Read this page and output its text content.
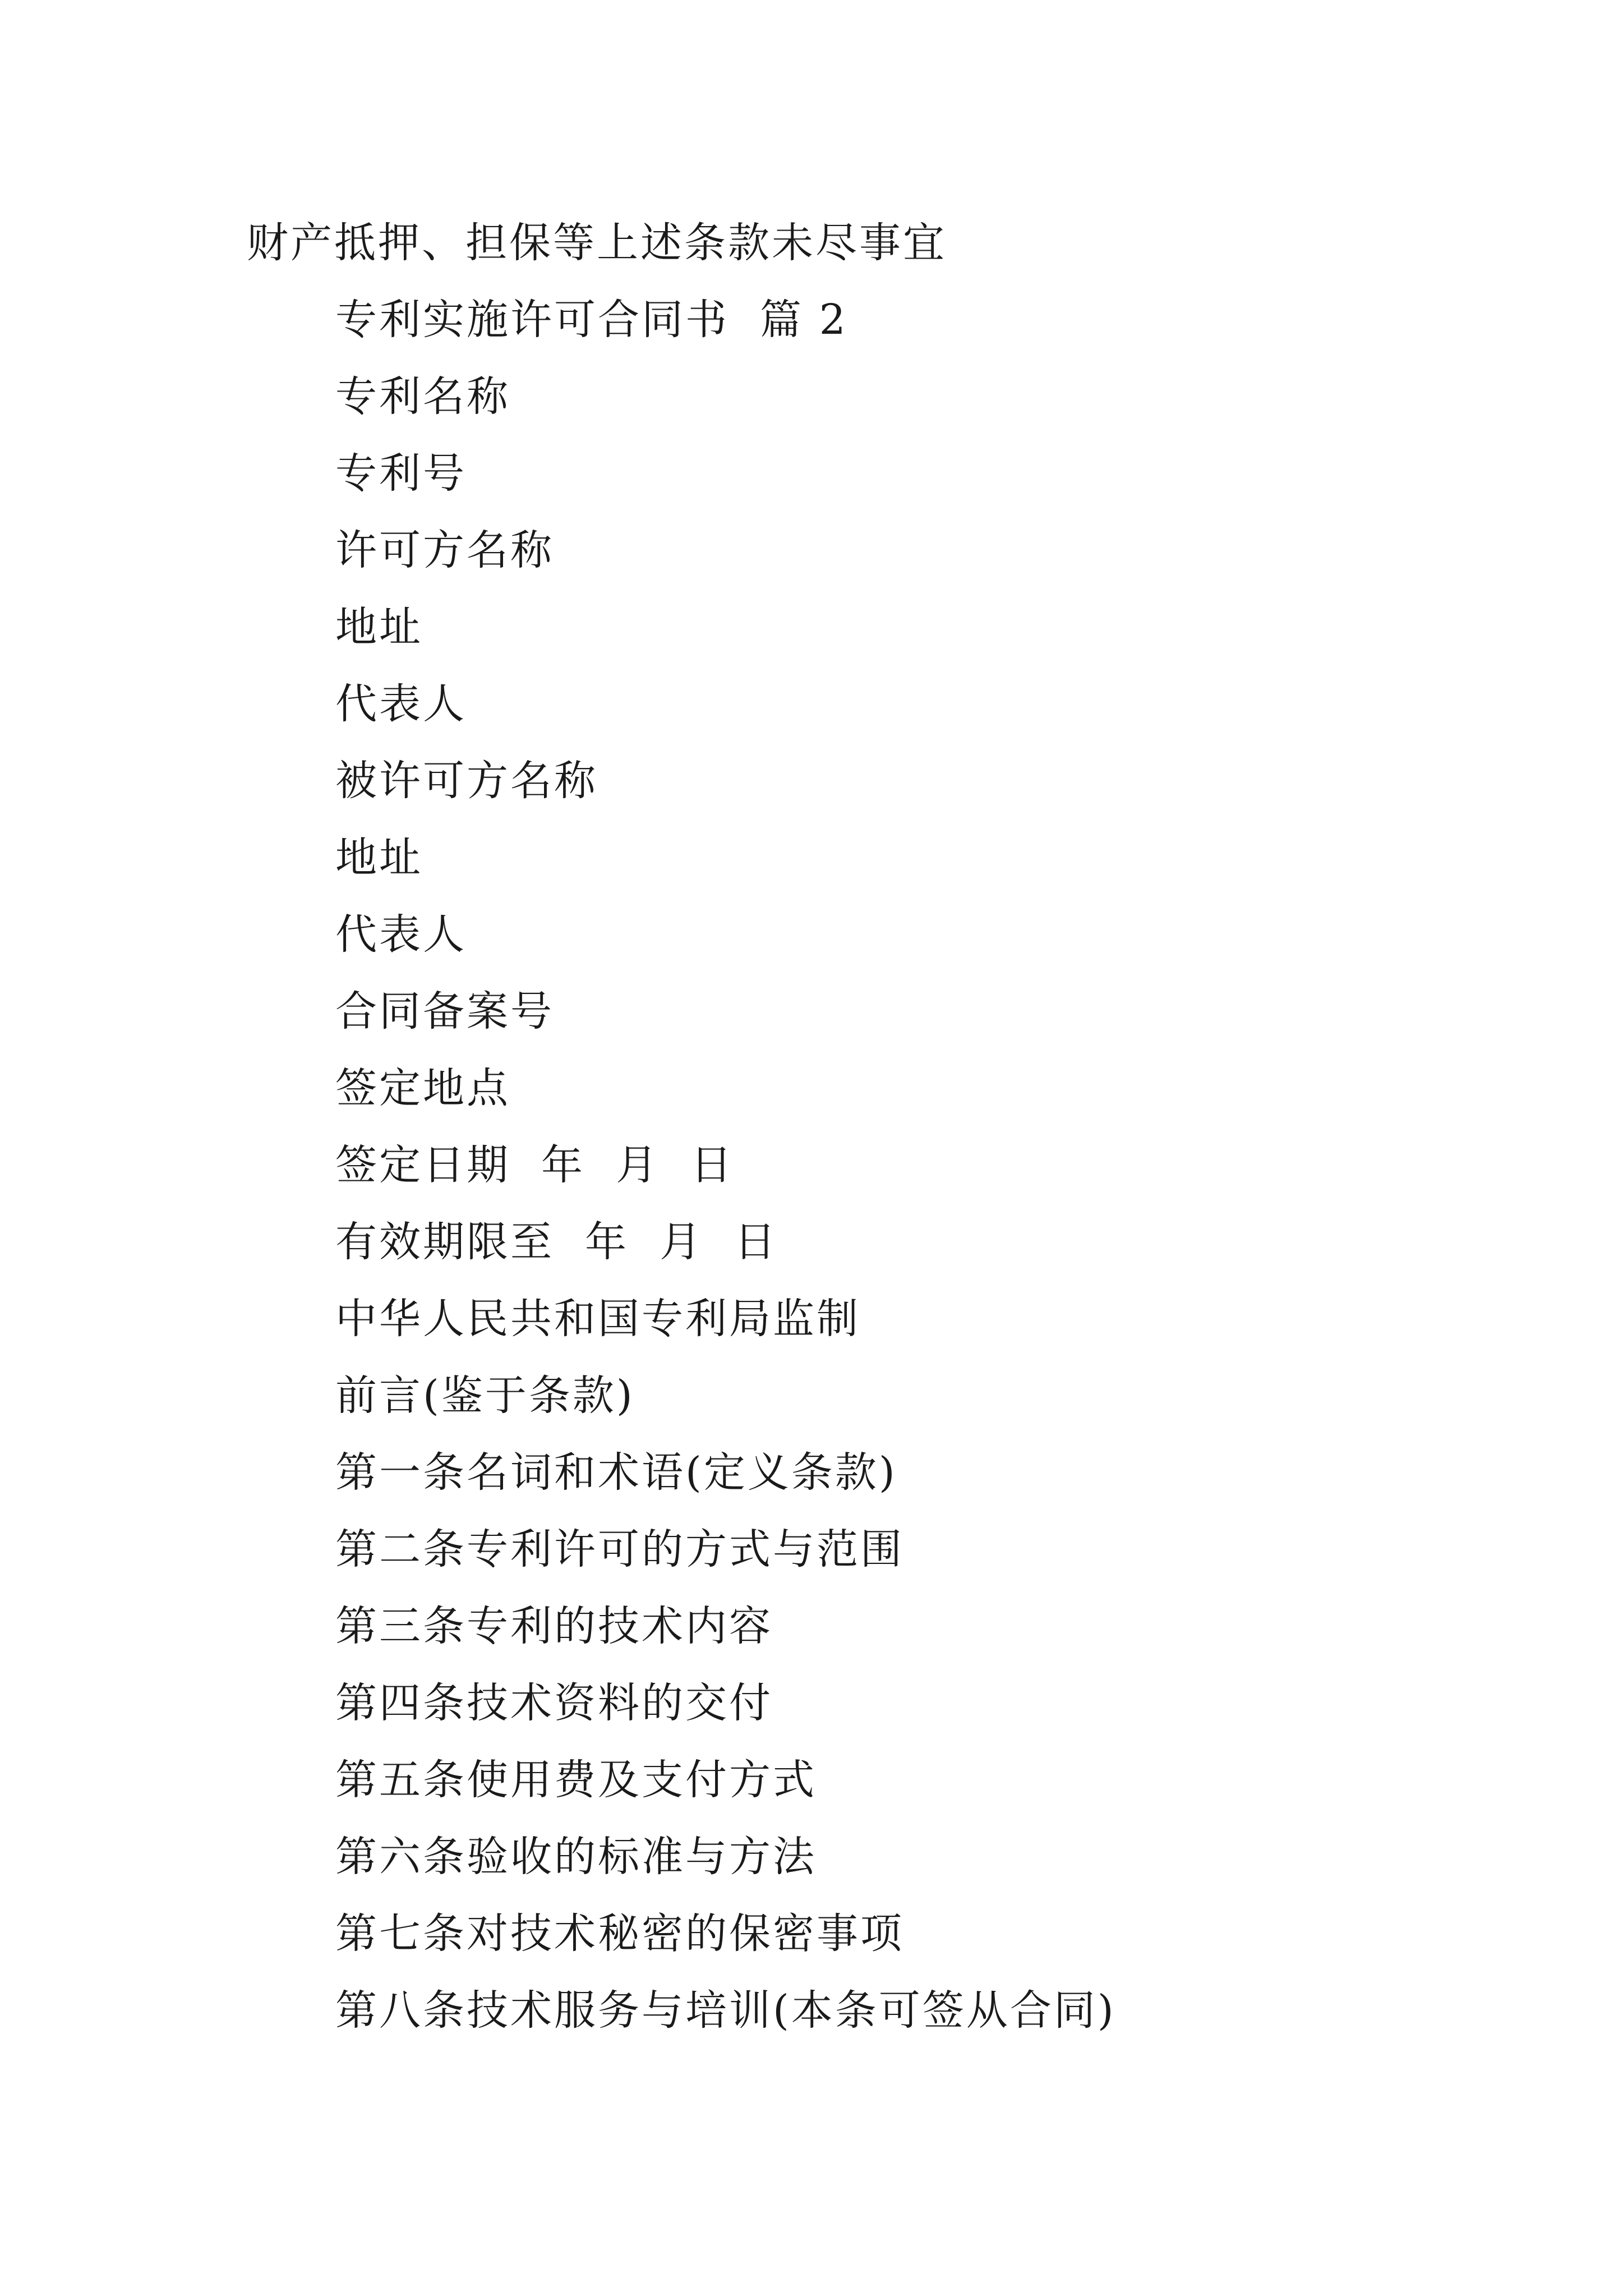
财产抵押、担保等上述条款未尽事宜
专利实施许可合同书  篇 2
专利名称
专利号
许可方名称
地址
代表人
被许可方名称
地址
代表人
合同备案号
签定地点
签定日期  年  月  日
有效期限至  年  月  日
中华人民共和国专利局监制
前言(鉴于条款)
第一条名词和术语(定义条款)
第二条专利许可的方式与范围
第三条专利的技术内容
第四条技术资料的交付
第五条使用费及支付方式
第六条验收的标准与方法
第七条对技术秘密的保密事项
第八条技术服务与培训(本条可签从合同)
